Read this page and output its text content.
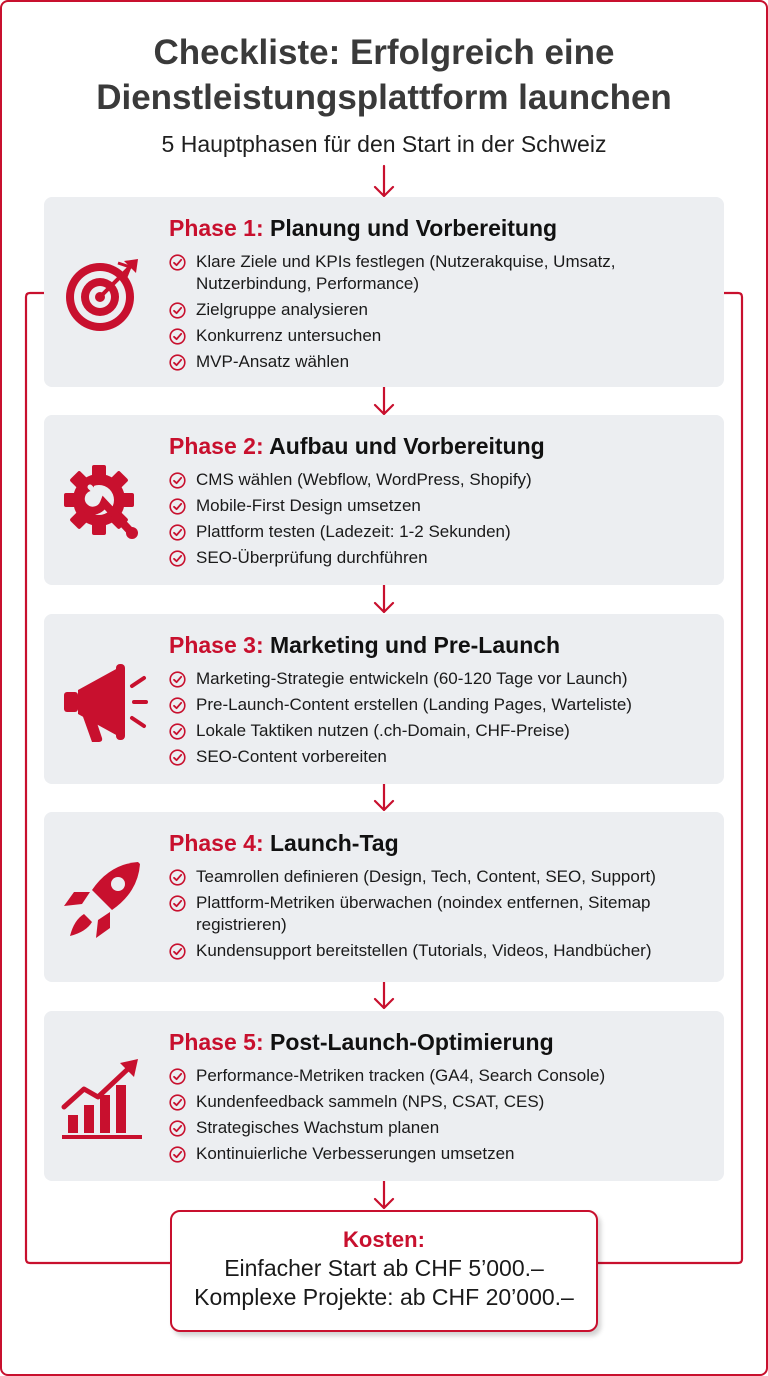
Checkliste: Erfolgreich eine
Dienstleistungsplattform launchen
5 Hauptphasen für den Start in der Schweiz
Phase 1: Planung und Vorbereitung
Klare Ziele und KPIs festlegen (Nutzerakquise, Umsatz, Nutzerbindung, Performance)
Zielgruppe analysieren
Konkurrenz untersuchen
MVP-Ansatz wählen
Phase 2: Aufbau und Vorbereitung
CMS wählen (Webflow, WordPress, Shopify)
Mobile-First Design umsetzen
Plattform testen (Ladezeit: 1-2 Sekunden)
SEO-Überprüfung durchführen
Phase 3: Marketing und Pre-Launch
Marketing-Strategie entwickeln (60-120 Tage vor Launch)
Pre-Launch-Content erstellen (Landing Pages, Warteliste)
Lokale Taktiken nutzen (.ch-Domain, CHF-Preise)
SEO-Content vorbereiten
Phase 4: Launch-Tag
Teamrollen definieren (Design, Tech, Content, SEO, Support)
Plattform-Metriken überwachen (noindex entfernen, Sitemap registrieren)
Kundensupport bereitstellen (Tutorials, Videos, Handbücher)
Phase 5: Post-Launch-Optimierung
Performance-Metriken tracken (GA4, Search Console)
Kundenfeedback sammeln (NPS, CSAT, CES)
Strategisches Wachstum planen
Kontinuierliche Verbesserungen umsetzen
Kosten:
Einfacher Start ab CHF 5’000.–
Komplexe Projekte: ab CHF 20’000.–
